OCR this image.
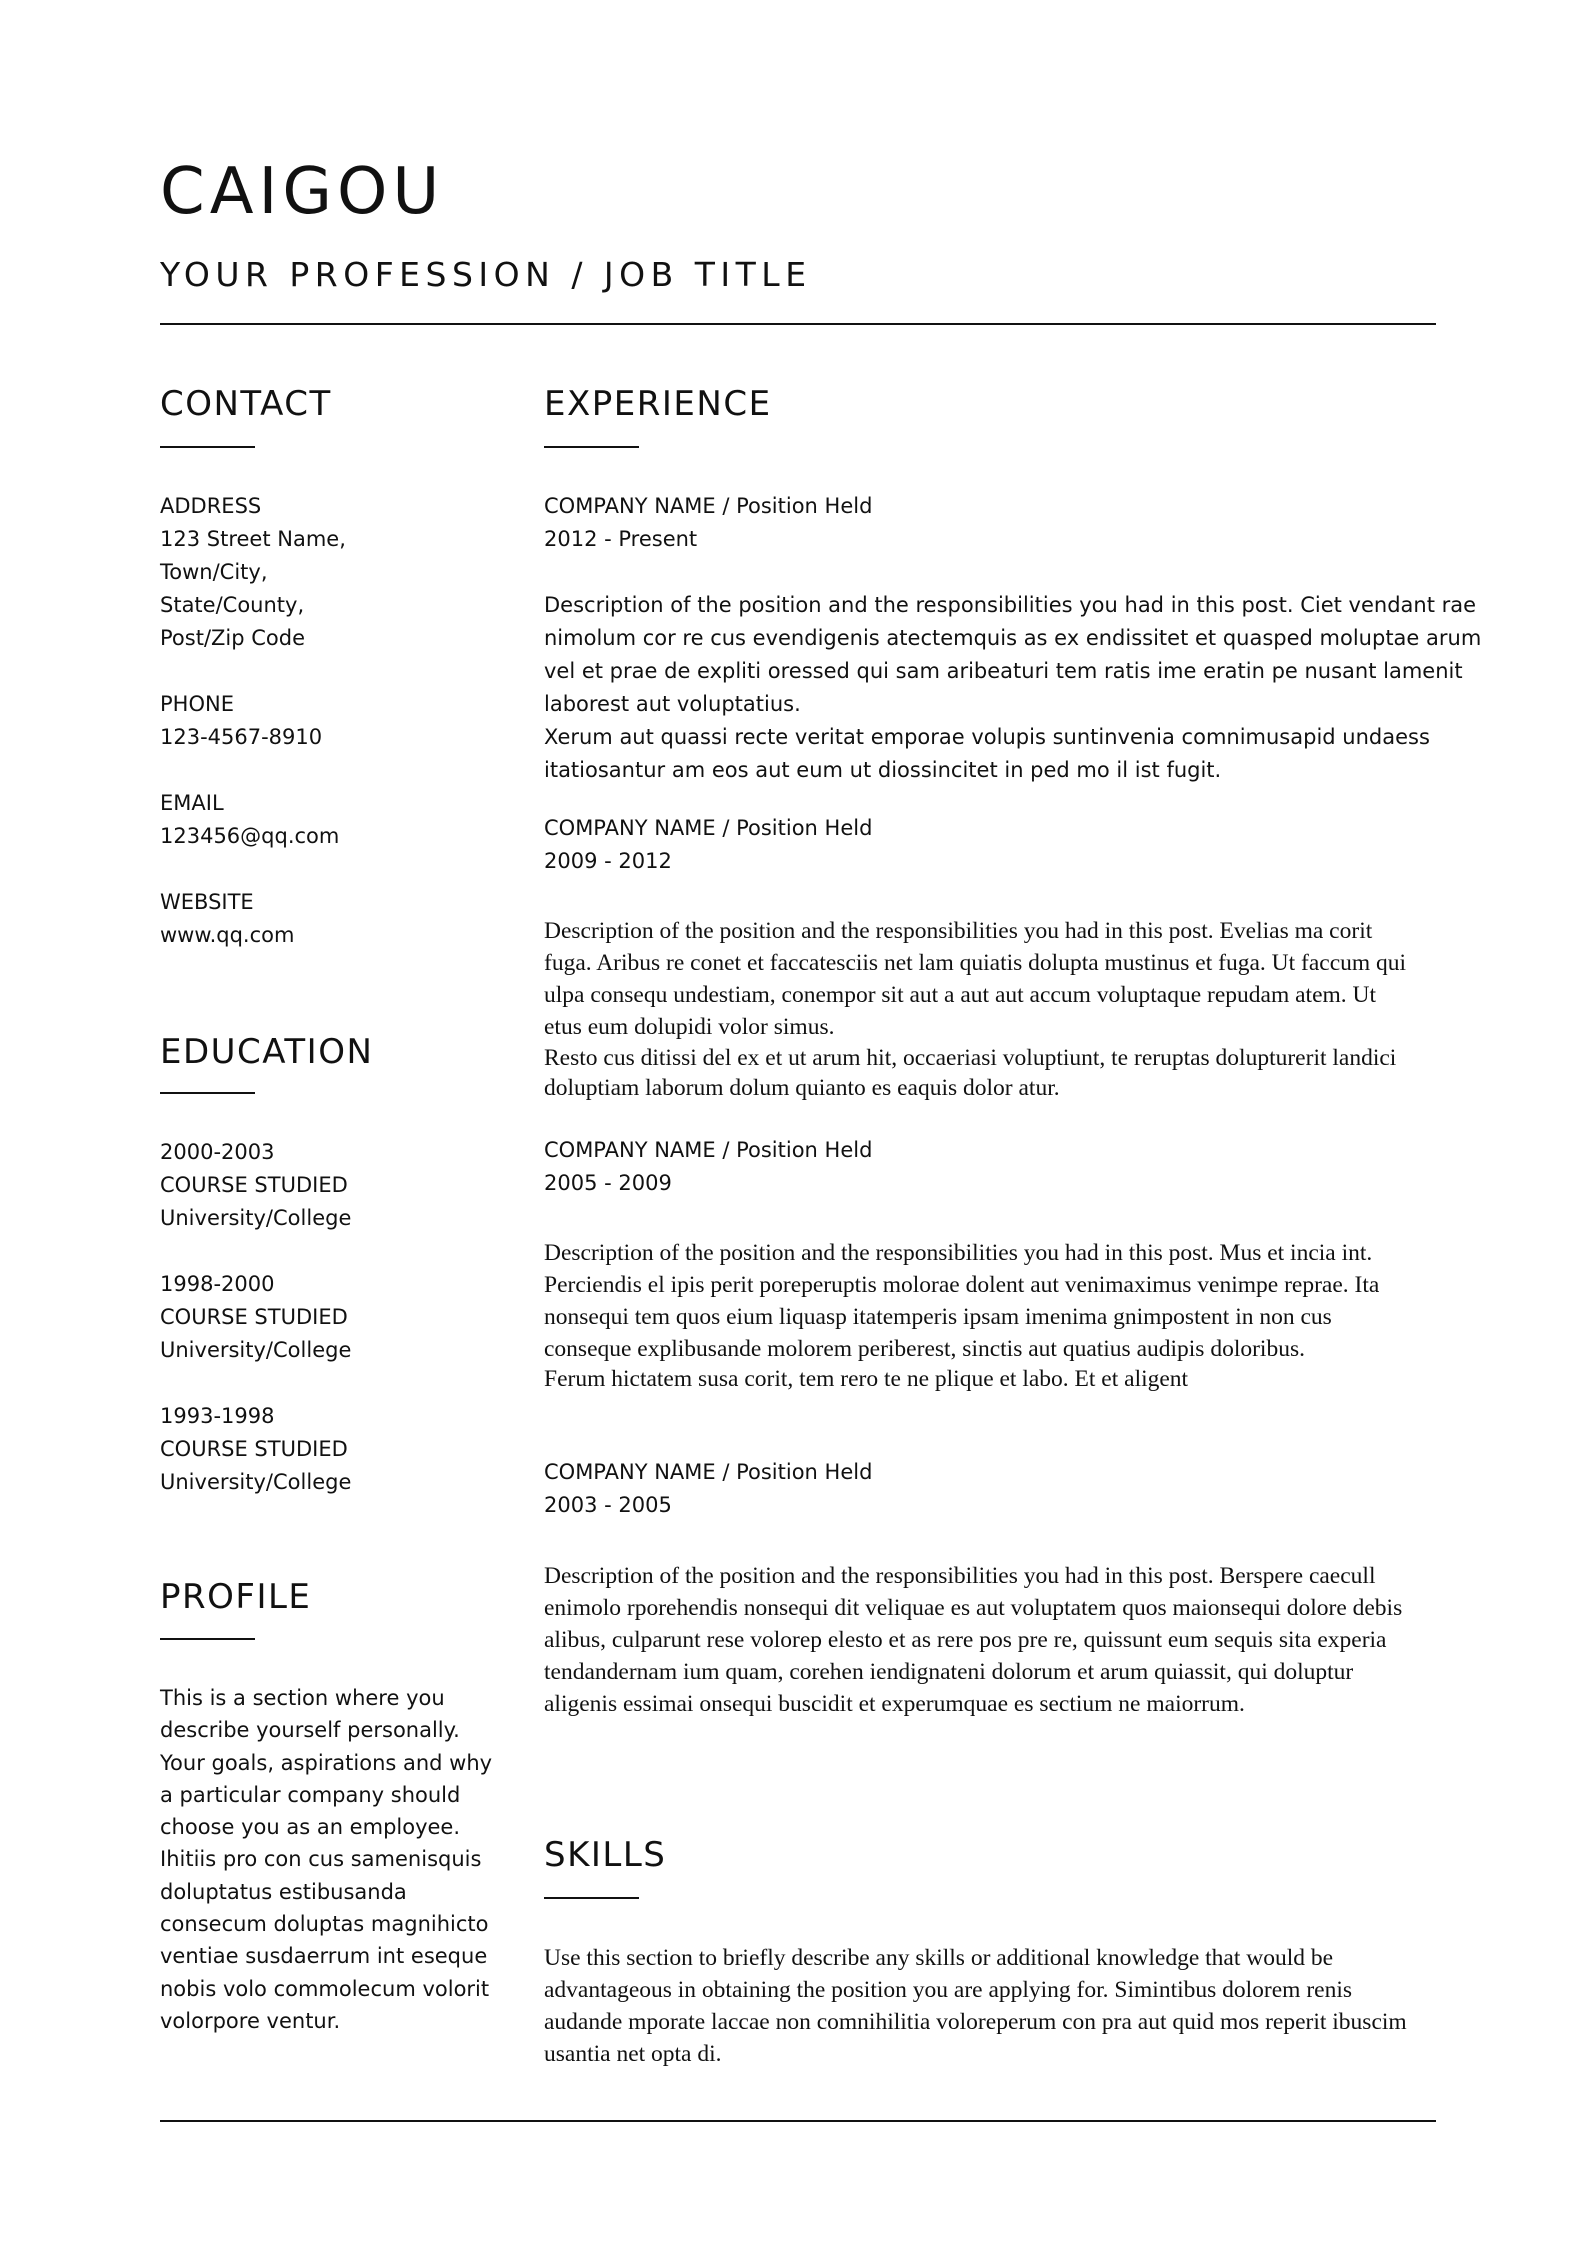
CAIGOU
YOUR PROFESSION / JOB TITLE
CONTACT
ADDRESS
123 Street Name,
Town/City,
State/County,
Post/Zip Code

PHONE
123-4567-8910

EMAIL
123456@qq.com

WEBSITE
www.qq.com
EDUCATION
2000-2003
COURSE STUDIED
University/College

1998-2000
COURSE STUDIED
University/College

1993-1998
COURSE STUDIED
University/College
PROFILE
This is a section where you
describe yourself personally.
Your goals, aspirations and why
a particular company should
choose you as an employee.
Ihitiis pro con cus samenisquis
doluptatus estibusanda
consecum doluptas magnihicto
ventiae susdaerrum int eseque
nobis volo commolecum volorit
volorpore ventur.
EXPERIENCE
COMPANY NAME / Position Held
2012 - Present
Description of the position and the responsibilities you had in this post. Ciet vendant rae
nimolum cor re cus evendigenis atectemquis as ex endissitet et quasped moluptae arum
vel et prae de expliti oressed qui sam aribeaturi tem ratis ime eratin pe nusant lamenit
laborest aut voluptatius.
Xerum aut quassi recte veritat emporae volupis suntinvenia comnimusapid undaess
itatiosantur am eos aut eum ut diossincitet in ped mo il ist fugit.
COMPANY NAME / Position Held
2009 - 2012
Description of the position and the responsibilities you had in this post. Evelias ma corit
fuga. Aribus re conet et faccatesciis net lam quiatis dolupta mustinus et fuga. Ut faccum qui
ulpa consequ undestiam, conempor sit aut a aut aut accum voluptaque repudam atem. Ut
etus eum dolupidi volor simus.
Resto cus ditissi del ex et ut arum hit, occaeriasi voluptiunt, te reruptas dolupturerit landici
doluptiam laborum dolum quianto es eaquis dolor atur.
COMPANY NAME / Position Held
2005 - 2009
Description of the position and the responsibilities you had in this post. Mus et incia int.
Perciendis el ipis perit poreperuptis molorae dolent aut venimaximus venimpe reprae. Ita
nonsequi tem quos eium liquasp itatemperis ipsam imenima gnimpostent in non cus
conseque explibusande molorem periberest, sinctis aut quatius audipis doloribus.
Ferum hictatem susa corit, tem rero te ne plique et labo. Et et aligent
COMPANY NAME / Position Held
2003 - 2005
Description of the position and the responsibilities you had in this post. Berspere caecull
enimolo rporehendis nonsequi dit veliquae es aut voluptatem quos maionsequi dolore debis
alibus, culparunt rese volorep elesto et as rere pos pre re, quissunt eum sequis sita experia
tendandernam ium quam, corehen iendignateni dolorum et arum quiassit, qui doluptur
aligenis essimai onsequi buscidit et experumquae es sectium ne maiorrum.
SKILLS
Use this section to briefly describe any skills or additional knowledge that would be
advantageous in obtaining the position you are applying for. Simintibus dolorem renis
audande mporate laccae non comnihilitia voloreperum con pra aut quid mos reperit ibuscim
usantia net opta di.
